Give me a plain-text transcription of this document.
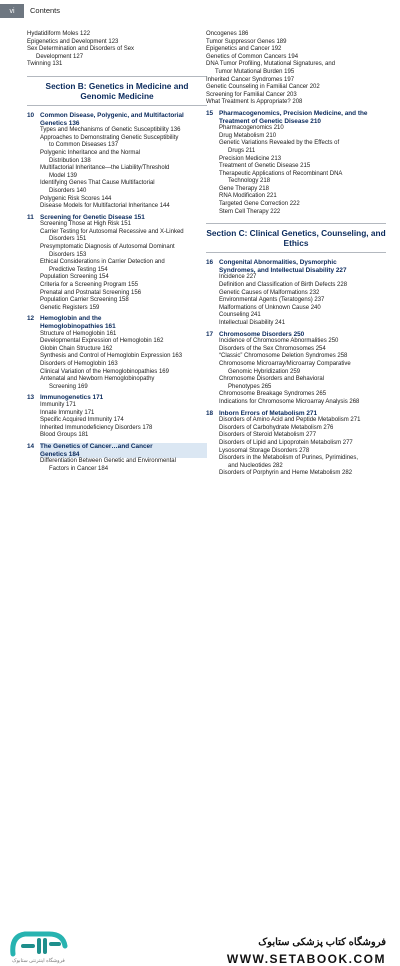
vi	Contents
Hydatidiform Moles 122
Epigenetics and Development 123
Sex Determination and Disorders of Sex
Development 127
Twinning 131
Section B: Genetics in Medicine and
Genomic Medicine
10 Common Disease, Polygenic, and Multifactorial
Genetics 136
Types and Mechanisms of Genetic Susceptibility 136
Approaches to Demonstrating Genetic Susceptibility
to Common Diseases 137
Polygenic Inheritance and the Normal
Distribution 138
Multifactorial Inheritance—the Liability/Threshold
Model 139
Identifying Genes That Cause Multifactorial
Disorders 140
Polygenic Risk Scores 144
Disease Models for Multifactorial Inheritance 144
11 Screening for Genetic Disease 151
Screening Those at High Risk 151
Carrier Testing for Autosomal Recessive and X-Linked
Disorders 151
Presymptomatic Diagnosis of Autosomal Dominant
Disorders 153
Ethical Considerations in Carrier Detection and
Predictive Testing 154
Population Screening 154
Criteria for a Screening Program 155
Prenatal and Postnatal Screening 156
Population Carrier Screening 158
Genetic Registers 159
12 Hemoglobin and the
Hemoglobinopathies 161
Structure of Hemoglobin 161
Developmental Expression of Hemoglobin 162
Globin Chain Structure 162
Synthesis and Control of Hemoglobin Expression 163
Disorders of Hemoglobin 163
Clinical Variation of the Hemoglobinopathies 169
Antenatal and Newborn Hemoglobinopathy
Screening 169
13 Immunogenetics 171
Immunity 171
Innate Immunity 171
Specific Acquired Immunity 174
Inherited Immunodeficiency Disorders 178
Blood Groups 181
14 The Genetics of Cancer…and Cancer
Genetics 184
Differentiation Between Genetic and Environmental
Factors in Cancer 184
Oncogenes 186
Tumor Suppressor Genes 189
Epigenetics and Cancer 192
Genetics of Common Cancers 194
DNA Tumor Profiling, Mutational Signatures, and
Tumor Mutational Burden 195
Inherited Cancer Syndromes 197
Genetic Counseling in Familial Cancer 202
Screening for Familial Cancer 203
What Treatment Is Appropriate? 208
15 Pharmacogenomics, Precision Medicine, and the
Treatment of Genetic Disease 210
Pharmacogenomics 210
Drug Metabolism 210
Genetic Variations Revealed by the Effects of
Drugs 211
Precision Medicine 213
Treatment of Genetic Disease 215
Therapeutic Applications of Recombinant DNA
Technology 218
Gene Therapy 218
RNA Modification 221
Targeted Gene Correction 222
Stem Cell Therapy 222
Section C: Clinical Genetics, Counseling, and
Ethics
16 Congenital Abnormalities, Dysmorphic
Syndromes, and Intellectual Disability 227
Incidence 227
Definition and Classification of Birth Defects 228
Genetic Causes of Malformations 232
Environmental Agents (Teratogens) 237
Malformations of Unknown Cause 240
Counseling 241
Intellectual Disability 241
17 Chromosome Disorders 250
Incidence of Chromosome Abnormalities 250
Disorders of the Sex Chromosomes 254
“Classic” Chromosome Deletion Syndromes 258
Chromosome Microarray/Microarray Comparative
Genomic Hybridization 259
Chromosome Disorders and Behavioral
Phenotypes 265
Chromosome Breakage Syndromes 265
Indications for Chromosome Microarray Analysis 268
18 Inborn Errors of Metabolism 271
Disorders of Amino Acid and Peptide Metabolism 271
Disorders of Carbohydrate Metabolism 276
Disorders of Steroid Metabolism 277
Disorders of Lipid and Lipoprotein Metabolism 277
Lysosomal Storage Disorders 278
Disorders in the Metabolism of Purines, Pyrimidines,
and Nucleotides 282
Disorders of Porphyrin and Heme Metabolism 282
فروشگاه اینترنتی ستابوک
فروشگاه کتاب پزشکی ستابوک
WWW.SETABOOK.COM
